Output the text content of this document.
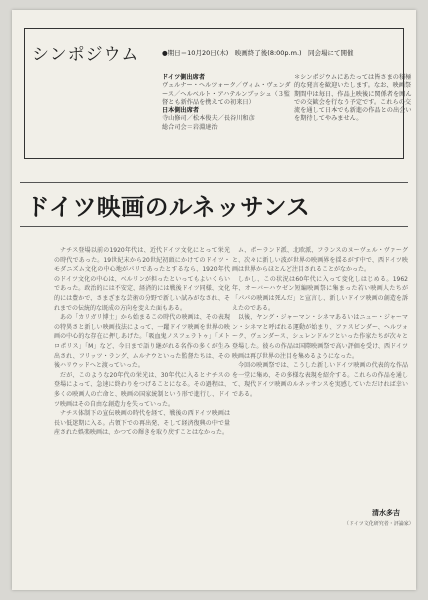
シンポジウム	●期日＝10月20日(木)　映画終了後(8:00p.m.)　同会場にて開催
ドイツ側出席者
ヴェルナー・ヘルツォーク／ヴィム・ヴェンダース／ヘルベルト・アハテルンブッシュ（３監督とも新作品を携えての初来日）
日本側出席者
寺山修司／松本俊夫／長谷川和彦
総合司会＝岩淵達治
＊シンポジウムにあたっては皆さまの積極的な発言を歓迎いたします。なお、映画祭期間中は毎日、作品上映後に関係者を囲んでの交歓会を行なう予定です。これらの交流を通して日本でも新進の作品との出会いを期待してやみません。
ドイツ映画のルネッサンス

ナチス登場以前の1920年代は、近代ドイツ文化にとって栄光の時代であった。19世紀末から20世紀初頭にかけてのドイツ・モダニズム文化の中心地がパリであったとするなら、1920年代のドイツ文化の中心は、ベルリンが担ったといってもよいくらいであった。政治的には不安定、経済的には戦後ドイツ同様、文化的には豊かで、さまざまな芸術の分野で新しい試みがなされ、それまでの伝統的な既成の方向を変えた面もある。

あの「カリガリ博士」から始まるこの時代の映画は、その表現の特異さと新しい映画技法によって、一躍ドイツ映画を世界の映画の中心的な存在に押しあげた。「吸血鬼ノスフェラトゥ」「メトロポリス」「M」など、今日まで語り継がれる名作の多くが生み出され、フリッツ・ラング、ムルナウといった監督たちは、その後ハリウッドへと渡っていった。

だが、このような20年代の栄光は、30年代に入るとナチスの登場によって、急速に終わりをつげることになる。その過程は、多くの映画人の亡命と、映画の国家統制という形で進行し、ドイツ映画はその自由な創造力を失っていった。

ナチス体制下の宣伝映画の時代を経て、戦後の西ドイツ映画は長い低迷期に入る。占領下での再出発、そして経済復興の中で量産された娯楽映画は、かつての輝きを取り戻すことはなかった。

ム、ポーランド派、北欧派、フランスのヌーヴェル・ヴァーグと、次々に新しい波が世界の映画界を揺るがす中で、西ドイツ映画は世界からほとんど注目されることがなかった。

しかし、この状況は60年代に入って変化しはじめる。1962年、オーバーハウゼン短編映画祭に集まった若い映画人たちが「パパの映画は死んだ」と宣言し、新しいドイツ映画の創造を訴えたのである。

以後、ヤング・ジャーマン・シネマあるいはニュー・ジャーマン・シネマと呼ばれる運動が始まり、ファスビンダー、ヘルツォーク、ヴェンダース、シュレンドルフといった作家たちが次々と登場した。彼らの作品は国際映画祭で高い評価を受け、西ドイツ映画は再び世界の注目を集めるようになった。

今回の映画祭では、こうした新しいドイツ映画の代表的な作品を一堂に集め、その多様な表現を紹介する。これらの作品を通して、現代ドイツ映画のルネッサンスを実感していただければ幸いである。

清水多吉
（ドイツ文化研究者・評論家）
